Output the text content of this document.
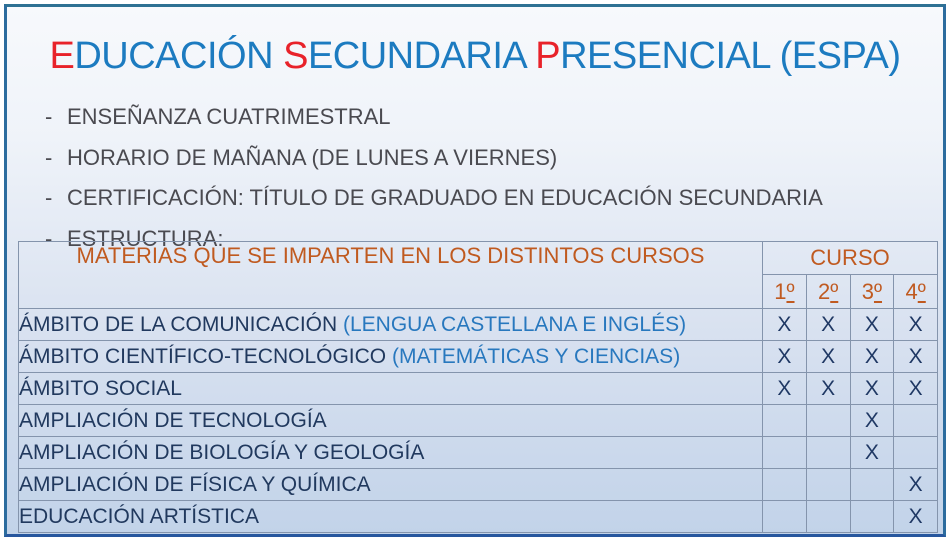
EDUCACIÓN SECUNDARIA PRESENCIAL (ESPA)
- ENSEÑANZA CUATRIMESTRAL
- HORARIO DE MAÑANA (DE LUNES A VIERNES)
- CERTIFICACIÓN: TÍTULO DE GRADUADO EN EDUCACIÓN SECUNDARIA
- ESTRUCTURA:
MATERIAS QUE SE IMPARTEN EN LOS DISTINTOS CURSOS	CURSO			
	1º	2º	3º	4º
ÁMBITO DE LA COMUNICACIÓN (LENGUA CASTELLANA E INGLÉS)	X	X	X	X
ÁMBITO CIENTÍFICO-TECNOLÓGICO (MATEMÁTICAS Y CIENCIAS)	X	X	X	X
ÁMBITO SOCIAL	X	X	X	X
AMPLIACIÓN DE TECNOLOGÍA			X	
AMPLIACIÓN DE BIOLOGÍA Y GEOLOGÍA			X	
AMPLIACIÓN DE FÍSICA Y QUÍMICA				X
EDUCACIÓN ARTÍSTICA				X
